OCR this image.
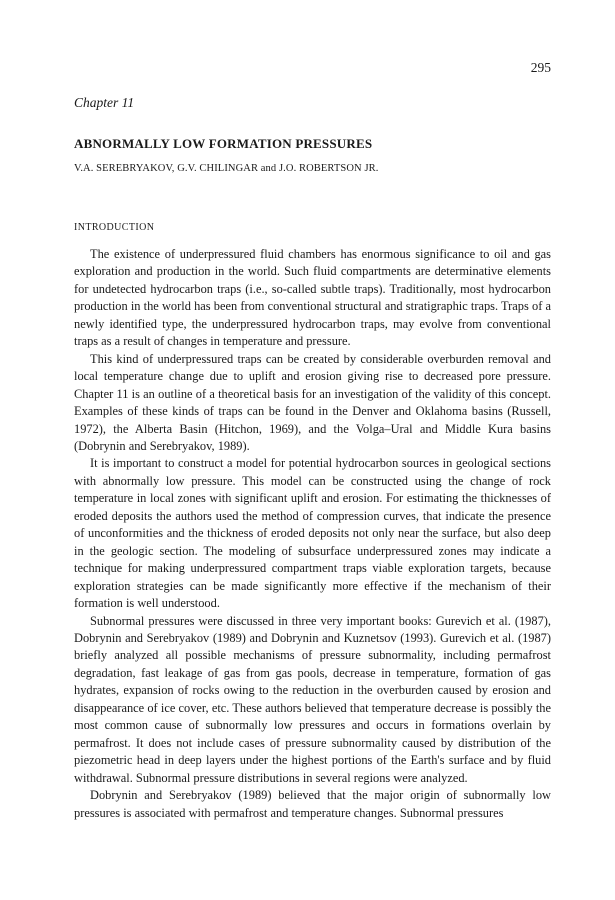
295
Chapter 11
ABNORMALLY LOW FORMATION PRESSURES
V.A. SEREBRYAKOV, G.V. CHILINGAR and J.O. ROBERTSON JR.
INTRODUCTION

The existence of underpressured fluid chambers has enormous significance to oil and gas exploration and production in the world. Such fluid compartments are determinative elements for undetected hydrocarbon traps (i.e., so-called subtle traps). Traditionally, most hydrocarbon production in the world has been from conventional structural and stratigraphic traps. Traps of a newly identified type, the underpressured hydrocarbon traps, may evolve from conventional traps as a result of changes in temperature and pressure.

This kind of underpressured traps can be created by considerable overburden removal and local temperature change due to uplift and erosion giving rise to decreased pore pressure. Chapter 11 is an outline of a theoretical basis for an investigation of the validity of this concept. Examples of these kinds of traps can be found in the Denver and Oklahoma basins (Russell, 1972), the Alberta Basin (Hitchon, 1969), and the Volga–Ural and Middle Kura basins (Dobrynin and Serebryakov, 1989).

It is important to construct a model for potential hydrocarbon sources in geological sections with abnormally low pressure. This model can be constructed using the change of rock temperature in local zones with significant uplift and erosion. For estimating the thicknesses of eroded deposits the authors used the method of compression curves, that indicate the presence of unconformities and the thickness of eroded deposits not only near the surface, but also deep in the geologic section. The modeling of subsurface underpressured zones may indicate a technique for making underpressured compartment traps viable exploration targets, because exploration strategies can be made significantly more effective if the mechanism of their formation is well understood.

Subnormal pressures were discussed in three very important books: Gurevich et al. (1987), Dobrynin and Serebryakov (1989) and Dobrynin and Kuznetsov (1993). Gurevich et al. (1987) briefly analyzed all possible mechanisms of pressure subnormality, including permafrost degradation, fast leakage of gas from gas pools, decrease in temperature, formation of gas hydrates, expansion of rocks owing to the reduction in the overburden caused by erosion and disappearance of ice cover, etc. These authors believed that temperature decrease is possibly the most common cause of subnormally low pressures and occurs in formations overlain by permafrost. It does not include cases of pressure subnormality caused by distribution of the piezometric head in deep layers under the highest portions of the Earth's surface and by fluid withdrawal. Subnormal pressure distributions in several regions were analyzed.

Dobrynin and Serebryakov (1989) believed that the major origin of subnormally low pressures is associated with permafrost and temperature changes. Subnormal pressures
